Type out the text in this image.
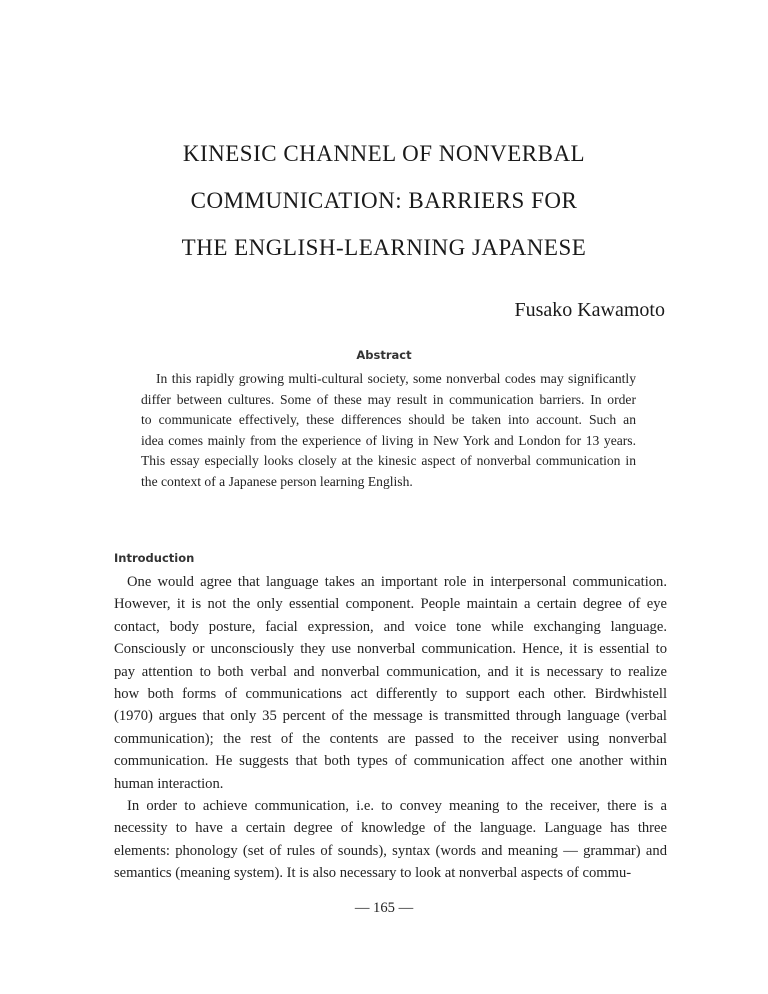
KINESIC CHANNEL OF NONVERBAL
COMMUNICATION: BARRIERS FOR
THE ENGLISH-LEARNING JAPANESE
Fusako Kawamoto
Abstract
In this rapidly growing multi-cultural society, some nonverbal codes may significantly
differ between cultures. Some of these may result in communication barriers. In order
to communicate effectively, these differences should be taken into account. Such an
idea comes mainly from the experience of living in New York and London for 13 years.
This essay especially looks closely at the kinesic aspect of nonverbal communication in
the context of a Japanese person learning English.
Introduction
One would agree that language takes an important role in interpersonal communication.
However, it is not the only essential component. People maintain a certain degree of eye
contact, body posture, facial expression, and voice tone while exchanging language.
Consciously or unconsciously they use nonverbal communication. Hence, it is essential to
pay attention to both verbal and nonverbal communication, and it is necessary to realize
how both forms of communications act differently to support each other. Birdwhistell
(1970) argues that only 35 percent of the message is transmitted through language (verbal
communication); the rest of the contents are passed to the receiver using nonverbal
communication. He suggests that both types of communication affect one another within
human interaction.
In order to achieve communication, i.e. to convey meaning to the receiver, there is a
necessity to have a certain degree of knowledge of the language. Language has three
elements: phonology (set of rules of sounds), syntax (words and meaning — grammar) and
semantics (meaning system). It is also necessary to look at nonverbal aspects of commu-
— 165 —
